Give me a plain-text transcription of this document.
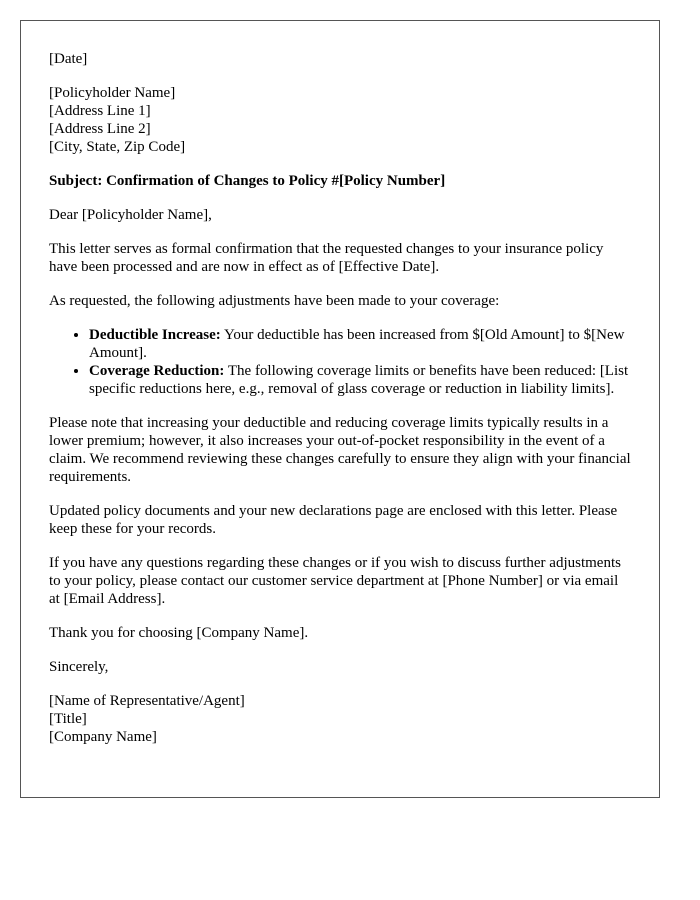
[Date]

[Policyholder Name]
[Address Line 1]
[Address Line 2]
[City, State, Zip Code]

Subject: Confirmation of Changes to Policy #[Policy Number]

Dear [Policyholder Name],

This letter serves as formal confirmation that the requested changes to your insurance policy have been processed and are now in effect as of [Effective Date].

As requested, the following adjustments have been made to your coverage:

• Deductible Increase: Your deductible has been increased from $[Old Amount] to $[New Amount].
• Coverage Reduction: The following coverage limits or benefits have been reduced: [List specific reductions here, e.g., removal of glass coverage or reduction in liability limits].

Please note that increasing your deductible and reducing coverage limits typically results in a lower premium; however, it also increases your out-of-pocket responsibility in the event of a claim. We recommend reviewing these changes carefully to ensure they align with your financial requirements.

Updated policy documents and your new declarations page are enclosed with this letter. Please keep these for your records.

If you have any questions regarding these changes or if you wish to discuss further adjustments to your policy, please contact our customer service department at [Phone Number] or via email at [Email Address].

Thank you for choosing [Company Name].

Sincerely,

[Name of Representative/Agent]
[Title]
[Company Name]
